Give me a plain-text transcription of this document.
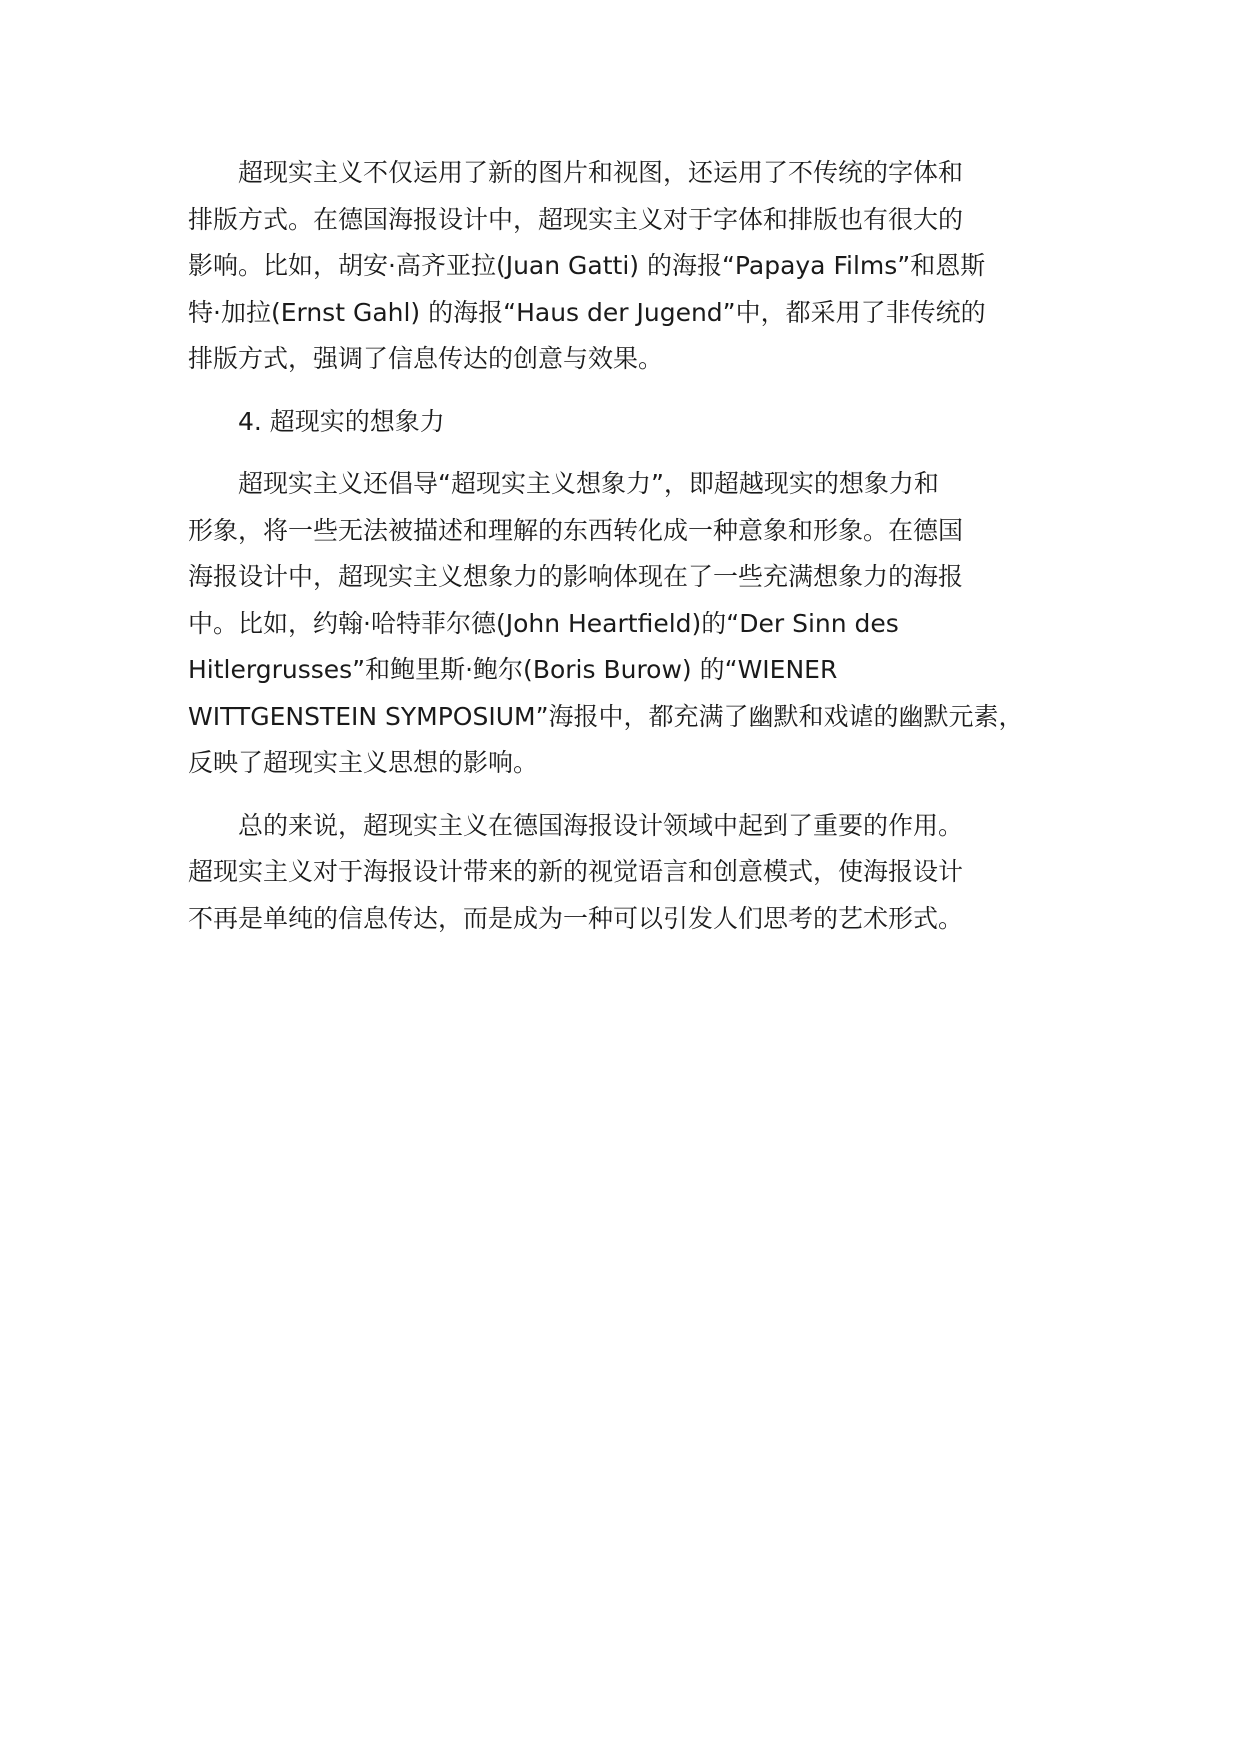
　　超现实主义不仅运用了新的图片和视图，还运用了不传统的字体和
排版方式。在德国海报设计中，超现实主义对于字体和排版也有很大的
影响。比如，胡安·高齐亚拉(Juan Gatti) 的海报“Papaya Films”和恩斯
特·加拉(Ernst Gahl) 的海报“Haus der Jugend”中，都采用了非传统的
排版方式，强调了信息传达的创意与效果。

　　4. 超现实的想象力

　　超现实主义还倡导“超现实主义想象力”，即超越现实的想象力和
形象，将一些无法被描述和理解的东西转化成一种意象和形象。在德国
海报设计中，超现实主义想象力的影响体现在了一些充满想象力的海报
中。比如，约翰·哈特菲尔德(John Heartfield)的“Der Sinn des
Hitlergrusses”和鲍里斯·鲍尔(Boris Burow) 的“WIENER
WITTGENSTEIN SYMPOSIUM”海报中，都充满了幽默和戏谑的幽默元素，
反映了超现实主义思想的影响。

　　总的来说，超现实主义在德国海报设计领域中起到了重要的作用。
超现实主义对于海报设计带来的新的视觉语言和创意模式，使海报设计
不再是单纯的信息传达，而是成为一种可以引发人们思考的艺术形式。
